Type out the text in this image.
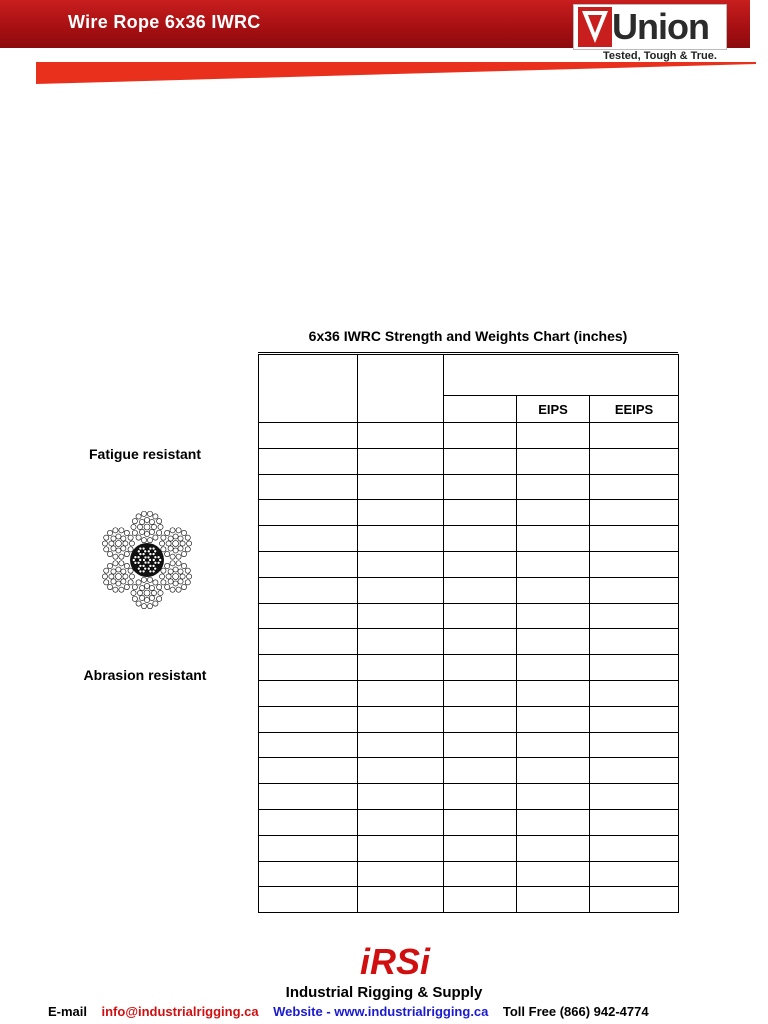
Wire Rope 6x36 IWRC	Union
Tested, Tough & True.
Fatigue resistant
Abrasion resistant
6x36 IWRC Strength and Weights Chart (inches)

			EIPS	EEIPS

iRSi
Industrial Rigging & Supply
E-mail info@industrialrigging.ca Website - www.industrialrigging.ca Toll Free (866) 942-4774
